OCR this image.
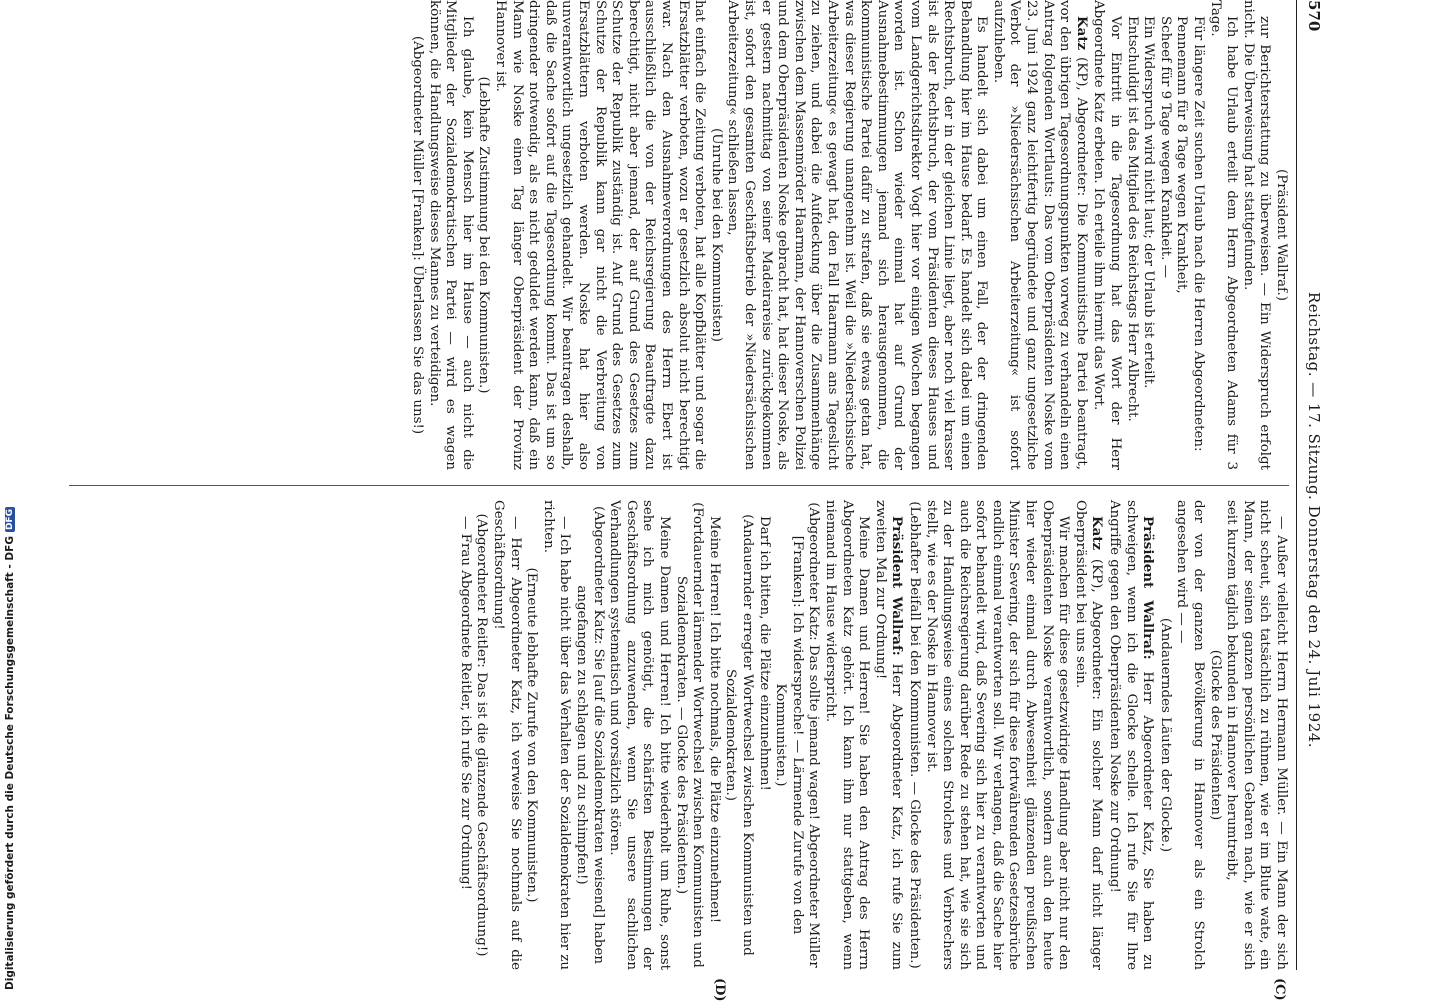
570
Reichstag. — 17. Sitzung. Donnerstag den 24. Juli 1924.
(C)
(D)

(Präsident Wallraf.)

zur Berichterstattung zu überweisen. — Ein Widerspruch erfolgt nicht. Die Überweisung hat stattgefunden.

Ich habe Urlaub erteilt dem Herrn Abgeordneten Adams für 3 Tage.

Für längere Zeit suchen Urlaub nach die Herren Abgeordneten:

Pennemann für 8 Tage wegen Krankheit,

Scheef für 9 Tage wegen Krankheit. —

Ein Widerspruch wird nicht laut; der Urlaub ist erteilt.

Entschuldigt ist das Mitglied des Reichstags Herr Albrecht.

Vor Eintritt in die Tagesordnung hat das Wort der Herr Abgeordnete Katz erbeten. Ich erteile ihm hiermit das Wort.

Katz (KP), Abgeordneter: Die Kommunistische Partei beantragt, vor den übrigen Tagesordnungspunkten vorweg zu verhandeln einen Antrag folgenden Wortlauts: Das vom Oberpräsidenten Noske vom 23. Juni 1924 ganz leichtfertig begründete und ganz ungesetzliche Verbot der »Niedersächsischen Arbeiterzeitung« ist sofort aufzuheben.

Es handelt sich dabei um einen Fall, der der dringenden Behandlung hier im Hause bedarf. Es handelt sich dabei um einen Rechtsbruch, der in der gleichen Linie liegt, aber noch viel krasser ist als der Rechtsbruch, der vom Präsidenten dieses Hauses und vom Landgerichtsdirektor Vogt hier vor einigen Wochen begangen worden ist. Schon wieder einmal hat auf Grund der Ausnahmebestimmungen jemand sich herausgenommen, die kommunistische Partei dafür zu strafen, daß sie etwas getan hat, was dieser Regierung unangenehm ist. Weil die »Niedersächsische Arbeiterzeitung« es gewagt hat, den Fall Haarmann ans Tageslicht zu ziehen, und dabei die Aufdeckung über die Zusammenhänge zwischen dem Massenmörder Haarmann, der Hannoverschen Polizei und dem Oberpräsidenten Noske gebracht hat, hat dieser Noske, als er gestern nachmittag von seiner Madeirareise zurückgekommen ist, sofort den gesamten Geschäftsbetrieb der »Niedersächsischen Arbeiterzeitung« schließen lassen,

(Unruhe bei den Kommunisten)

hat einfach die Zeitung verboten, hat alle Kopfblätter und sogar die Ersatzblätter verboten, wozu er gesetzlich absolut nicht berechtigt war. Nach den Ausnahmeverordnungen des Herrn Ebert ist ausschließlich die von der Reichsregierung Beauftragte dazu berechtigt, nicht aber jemand, der auf Grund des Gesetzes zum Schutze der Republik zuständig ist. Auf Grund des Gesetzes zum Schutze der Republik kann gar nicht die Verbreitung von Ersatzblättern verboten werden. Noske hat hier also unverantwortlich ungesetzlich gehandelt. Wir beantragen deshalb, daß die Sache sofort auf die Tagesordnung kommt. Das ist um so dringender notwendig, als es nicht geduldet werden kann, daß ein Mann wie Noske einen Tag länger Oberpräsident der Provinz Hannover ist.

(Lebhafte Zustimmung bei den Kommunisten.)

Ich glaube, kein Mensch hier im Hause — auch nicht die Mitglieder der Sozialdemokratischen Partei — wird es wagen können, die Handlungsweise dieses Mannes zu verteidigen.

(Abgeordneter Müller [Franken]: Überlassen Sie das uns!)

— Außer vielleicht Herrn Hermann Müller. — Ein Mann der sich nicht scheut, sich tatsächlich zu rühmen, wie er im Blute wate, ein Mann, der seinen ganzen persönlichen Gebaren nach, wie er sich seit kurzem täglich bekunden in Hannover herumtreibt,

(Glocke des Präsidenten)

der von der ganzen Bevölkerung in Hannover als ein Strolch angesehen wird — —

(Andauerndes Läuten der Glocke.)

Präsident Wallraf: Herr Abgeordneter Katz, Sie haben zu schweigen, wenn ich die Glocke schelle. Ich rufe Sie für Ihre Angriffe gegen den Oberpräsidenten Noske zur Ordnung!

Katz (KP), Abgeordneter: Ein solcher Mann darf nicht länger Oberpräsident bei uns sein.

Wir machen für diese gesetzwidrige Handlung aber nicht nur den Oberpräsidenten Noske verantwortlich, sondern auch den heute hier wieder einmal durch Abwesenheit glänzenden preußischen Minister Severing, der sich für diese fortwährenden Gesetzesbrüche endlich einmal verantworten soll. Wir verlangen, daß die Sache hier sofort behandelt wird, daß Severing sich hier zu verantworten und auch die Reichsregierung darüber Rede zu stehen hat, wie sie sich zu der Handlungsweise eines solchen Strolches und Verbrechers stellt, wie es der Noske in Hannover ist.

(Lebhafter Beifall bei den Kommunisten. — Glocke des Präsidenten.)

Präsident Wallraf: Herr Abgeordneter Katz, ich rufe Sie zum zweiten Mal zur Ordnung!

Meine Damen und Herren! Sie haben den Antrag des Herrn Abgeordneten Katz gehört. Ich kann ihm nur stattgeben, wenn niemand im Hause widerspricht.

(Abgeordneter Katz: Das sollte jemand wagen! Abgeordneter Müller [Franken]: Ich widerspreche! — Lärmende Zurufe von den Kommunisten.)

Darf ich bitten, die Plätze einzunehmen!

(Andauernder erregter Wortwechsel zwischen Kommunisten und Sozialdemokraten.)

Meine Herren! Ich bitte nochmals, die Plätze einzunehmen!

(Fortdauernder lärmender Wortwechsel zwischen Kommunisten und Sozialdemokraten. — Glocke des Präsidenten.)

Meine Damen und Herren! Ich bitte wiederholt um Ruhe, sonst sehe ich mich genötigt, die schärfsten Bestimmungen der Geschäftsordnung anzuwenden, wenn Sie unsere sachlichen Verhandlungen systematisch und vorsätzlich stören.

(Abgeordneter Katz: Sie [auf die Sozialdemokraten weisend] haben angefangen zu schlagen und zu schimpfen!)

— Ich habe nicht über das Verhalten der Sozialdemokraten hier zu richten.

(Erneute lebhafte Zurufe von den Kommunisten.)

— Herr Abgeordneter Katz, ich verweise Sie nochmals auf die Geschäftsordnung!

(Abgeordneter Reitler: Das ist die glänzende Geschäftsordnung!)

— Frau Abgeordnete Reitler, ich rufe Sie zur Ordnung!

Digitalisierung gefördert durch die Deutsche Forschungsgemeinschaft - DFG
DFG
